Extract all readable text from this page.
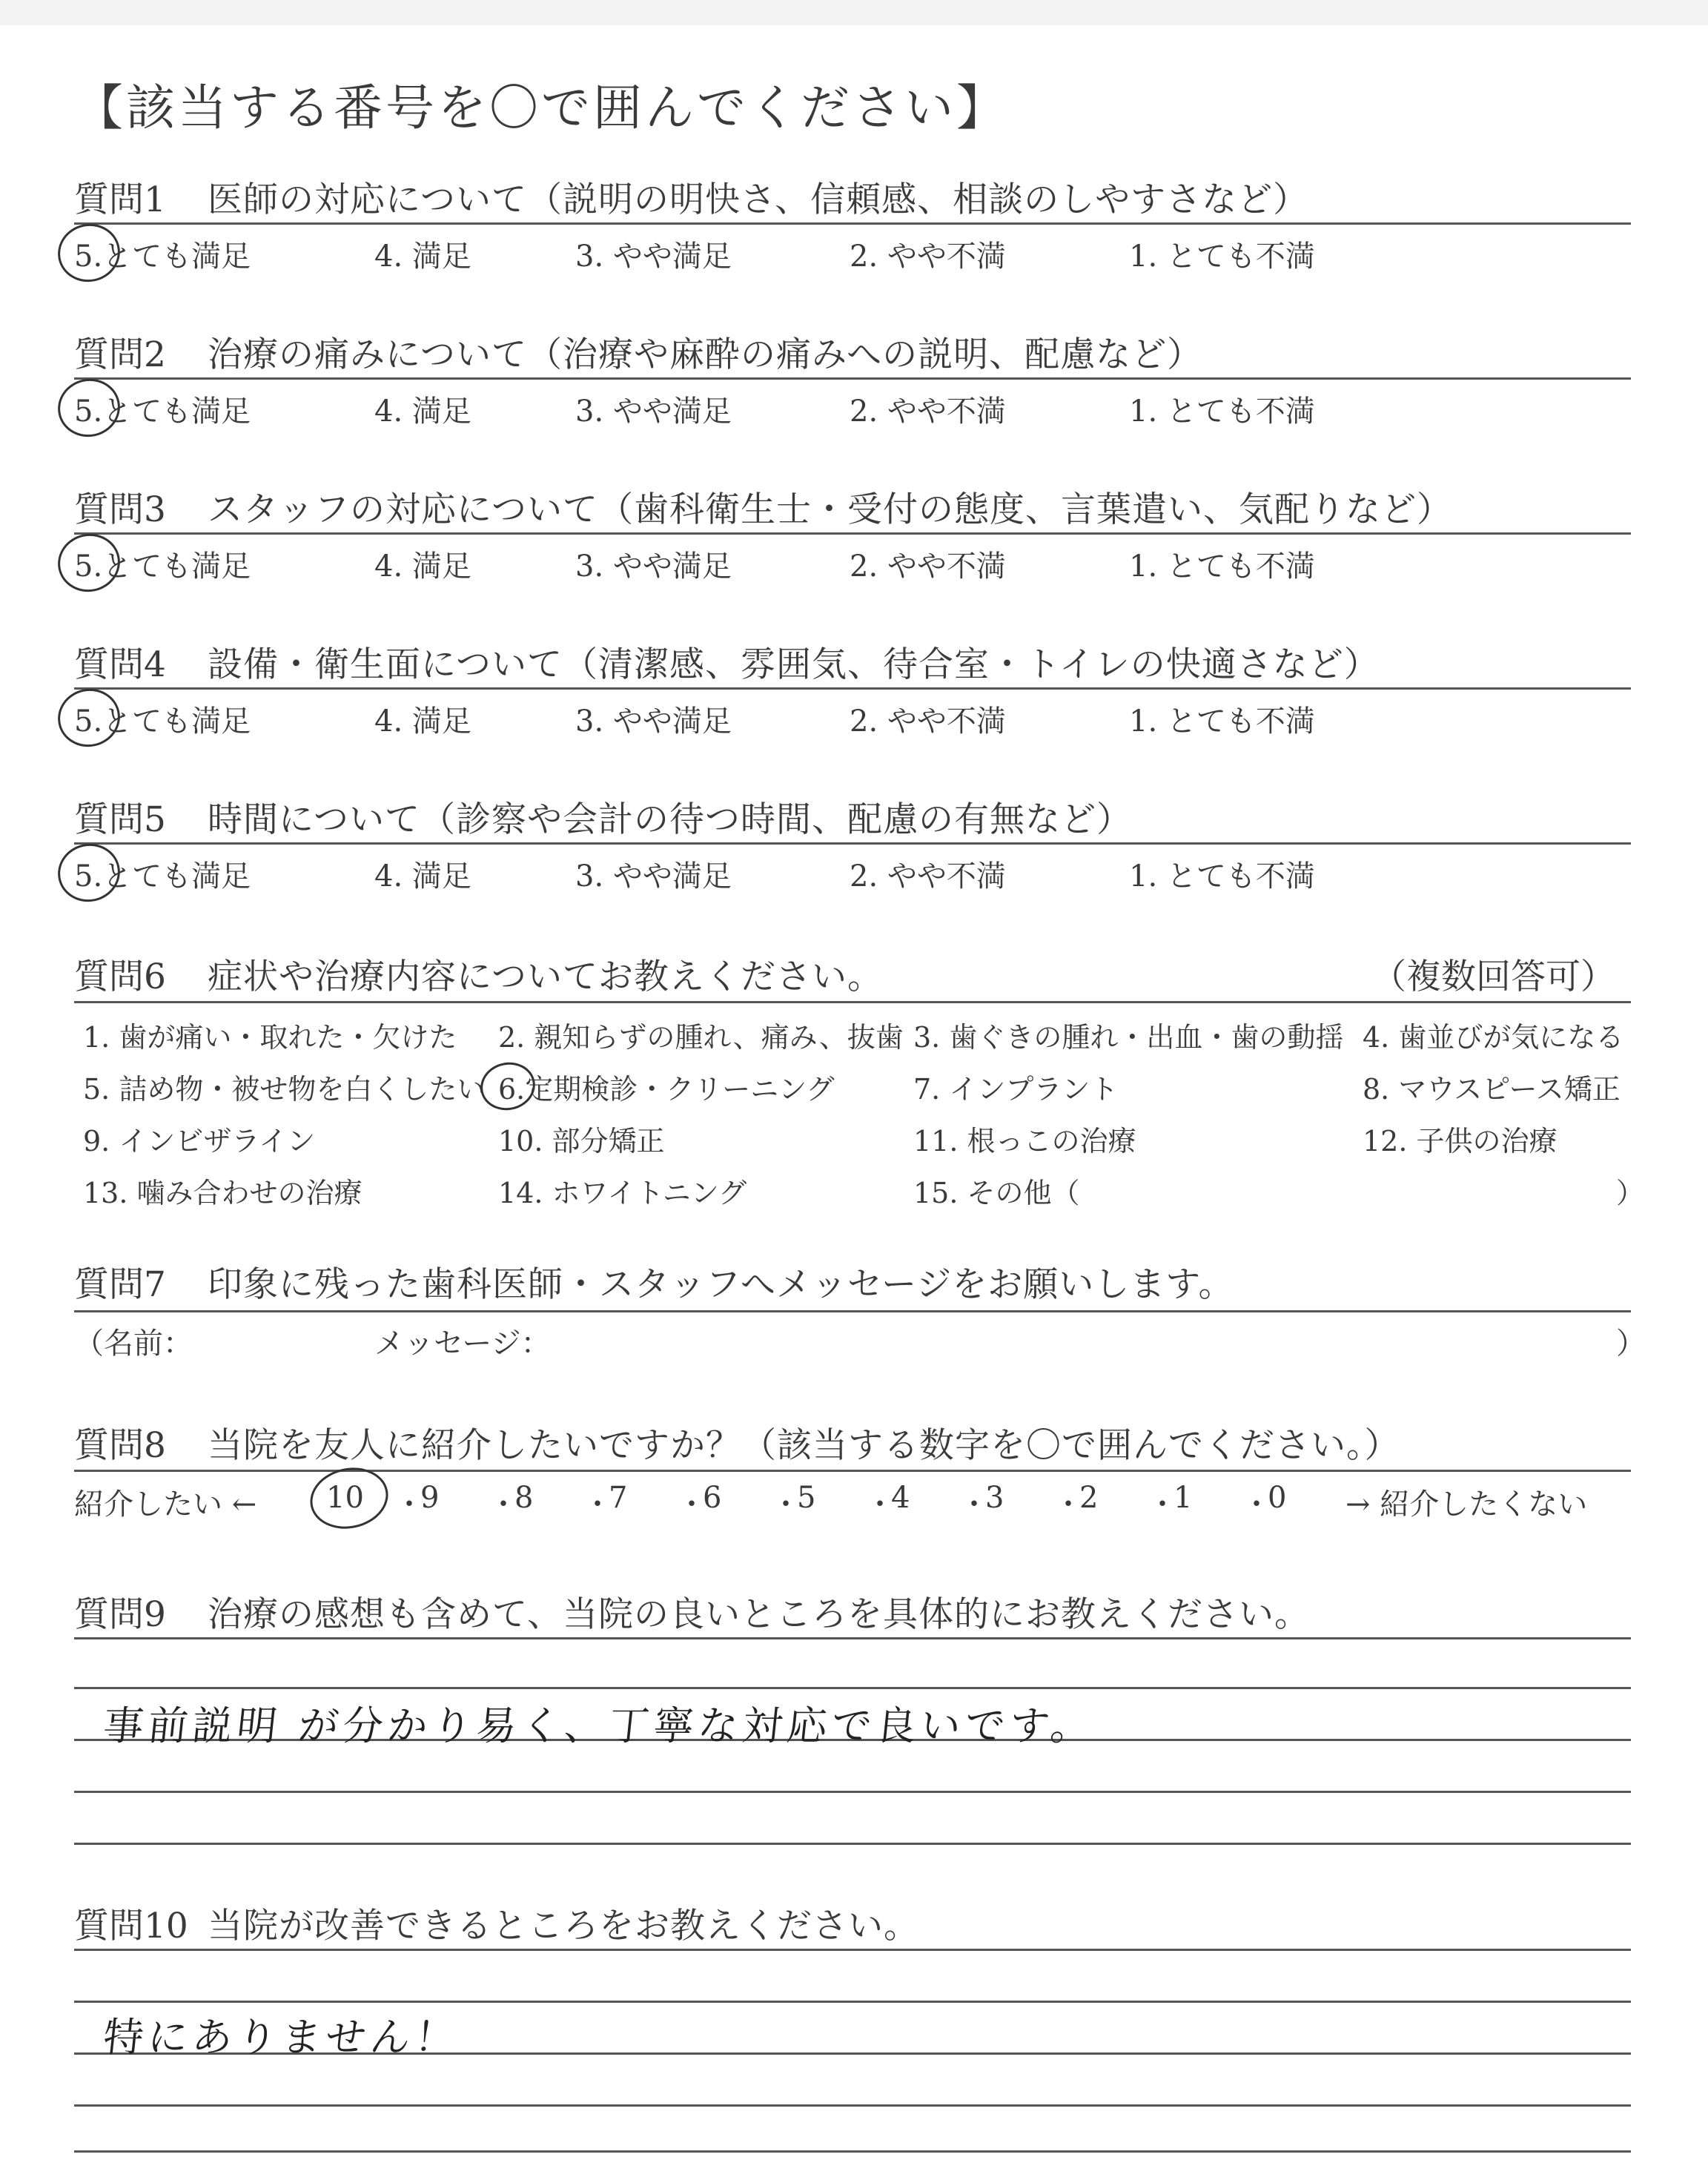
【該当する番号を〇で囲んでください】
質問1 医師の対応について（説明の明快さ、信頼感、相談のしやすさなど）
5.とても満足	4. 満足	3. やや満足	2. やや不満	1. とても不満
質問2 治療の痛みについて（治療や麻酔の痛みへの説明、配慮など）
5.とても満足	4. 満足	3. やや満足	2. やや不満	1. とても不満
質問3 スタッフの対応について（歯科衛生士・受付の態度、言葉遣い、気配りなど）
5.とても満足	4. 満足	3. やや満足	2. やや不満	1. とても不満
質問4 設備・衛生面について（清潔感、雰囲気、待合室・トイレの快適さなど）
5.とても満足	4. 満足	3. やや満足	2. やや不満	1. とても不満
質問5 時間について（診察や会計の待つ時間、配慮の有無など）
5.とても満足	4. 満足	3. やや満足	2. やや不満	1. とても不満
質問6 症状や治療内容についてお教えください。	（複数回答可）
1. 歯が痛い・取れた・欠けた 2. 親知らずの腫れ、痛み、抜歯 3. 歯ぐきの腫れ・出血・歯の動揺 4. 歯並びが気になる
5. 詰め物・被せ物を白くしたい 6.定期検診・クリーニング	7. インプラント	8. マウスピース矯正
9. インビザライン	10. 部分矯正	11. 根っこの治療	12. 子供の治療
13. 噛み合わせの治療	14. ホワイトニング	15. その他（	）
質問7 印象に残った歯科医師・スタッフへメッセージをお願いします。
（名前：	メッセージ：	）
質問8 当院を友人に紹介したいですか？（該当する数字を〇で囲んでください。）
紹介したい ← 10 ・
9 ・
8 ・
7 ・
6 ・
5 ・
4 ・
3 ・
2 ・
1 ・
0 → 紹介したくない
質問9 治療の感想も含めて、当院の良いところを具体的にお教えください。
事前説明 が分かり易く、丁寧な対応で良いです。
質問10 当院が改善できるところをお教えください。
特にありません！
